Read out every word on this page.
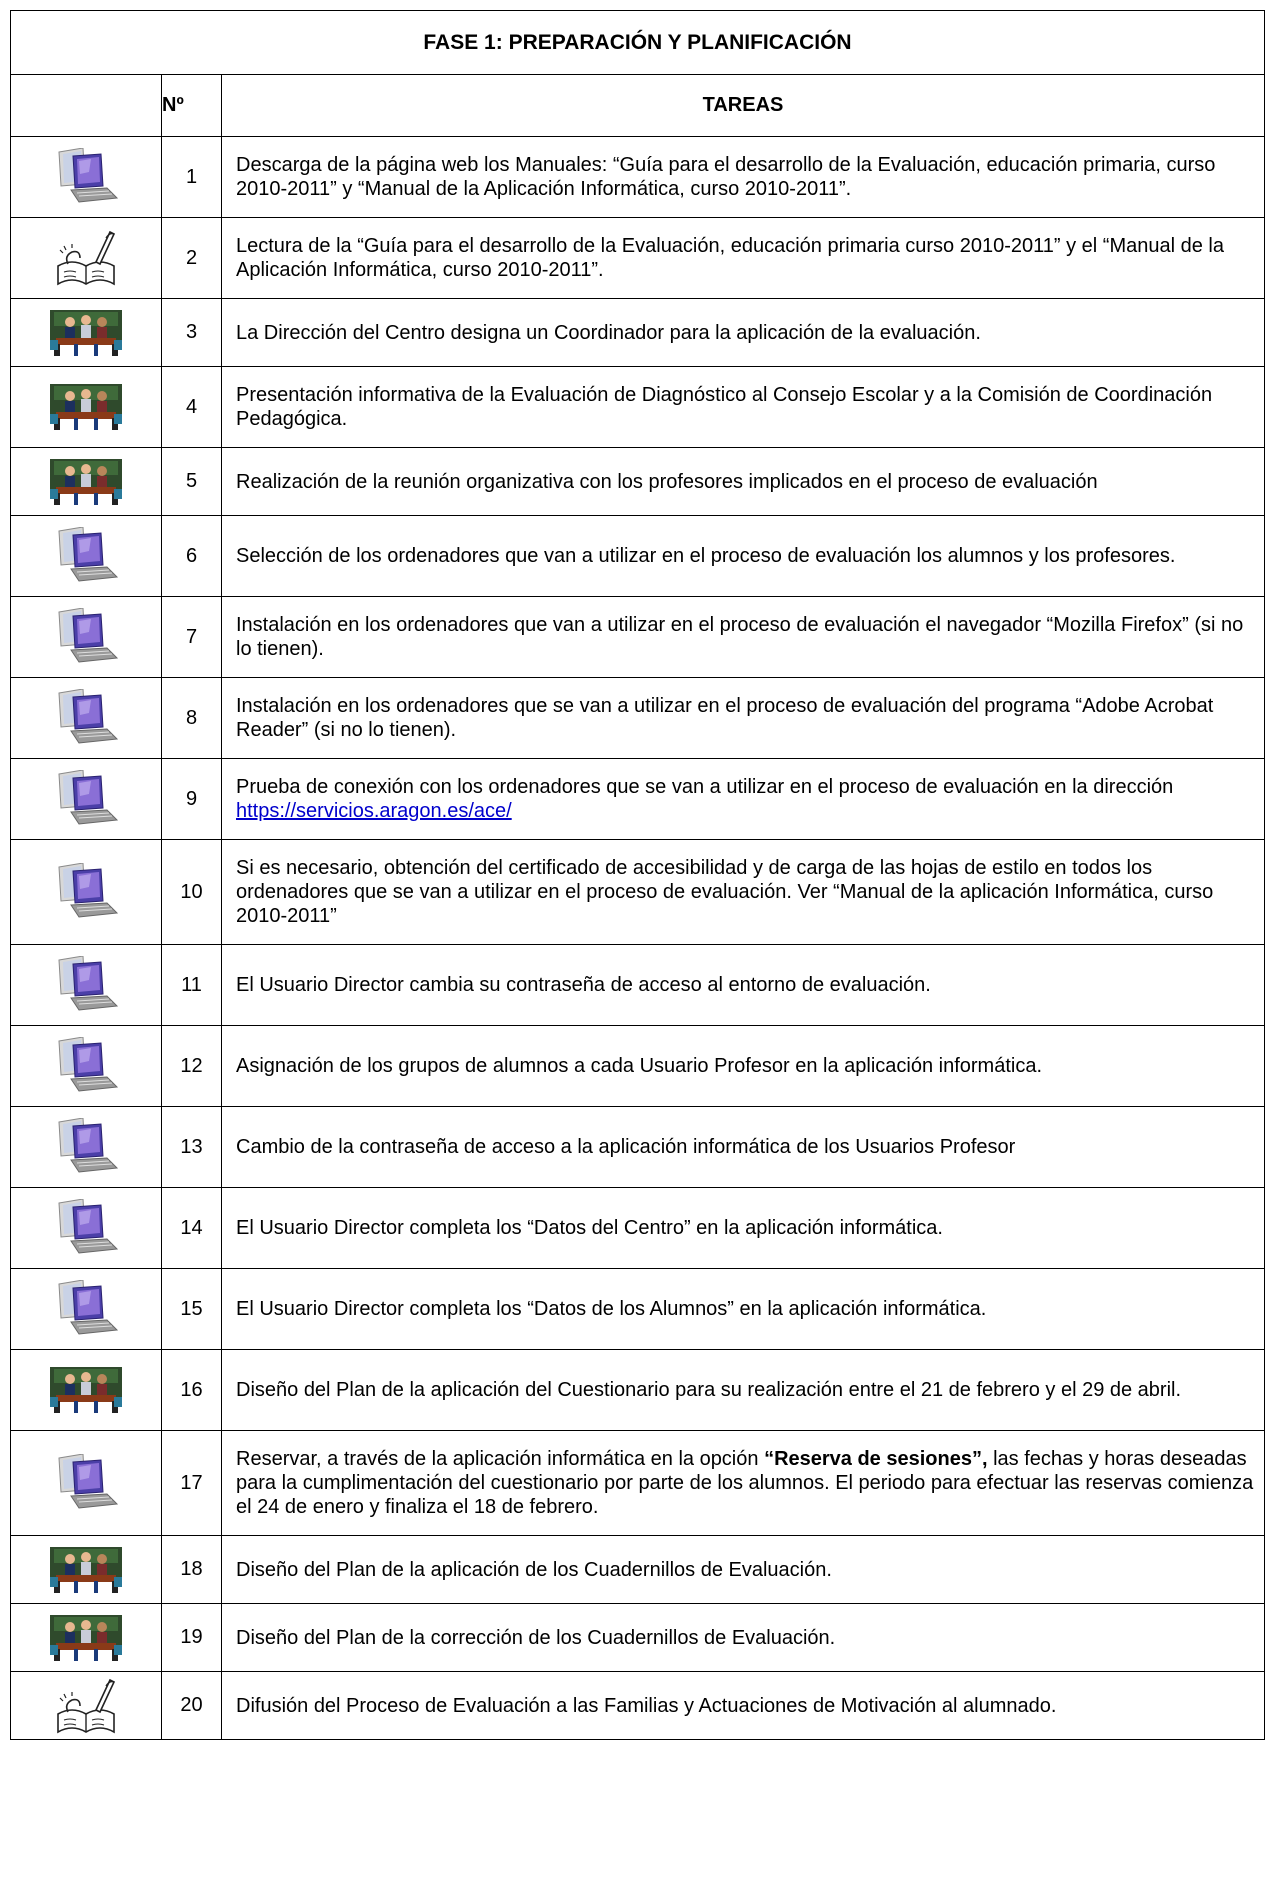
FASE 1: PREPARACIÓN Y PLANIFICACIÓN		
	Nº	TAREAS
	1	Descarga de la página web los Manuales: “Guía para el desarrollo de la Evaluación, educación primaria, curso 2010-2011” y “Manual de la Aplicación Informática, curso 2010-2011”.
	2	Lectura de la “Guía para el desarrollo de la Evaluación, educación primaria curso 2010-2011” y el “Manual de la Aplicación Informática, curso 2010-2011”.
	3	La Dirección del Centro designa un Coordinador para la aplicación de la evaluación.
	4	Presentación informativa de la Evaluación de Diagnóstico al Consejo Escolar y a la Comisión de Coordinación Pedagógica.
	5	Realización de la reunión organizativa con los profesores implicados en el proceso de evaluación
	6	Selección de los ordenadores que van a utilizar en el proceso de evaluación los alumnos y los profesores.
	7	Instalación en los ordenadores que van a utilizar en el proceso de evaluación el navegador “Mozilla Firefox” (si no lo tienen).
	8	Instalación en los ordenadores que se van a utilizar en el proceso de evaluación del programa “Adobe Acrobat Reader” (si no lo tienen).
	9	Prueba de conexión con los ordenadores que se van a utilizar en el proceso de evaluación en la dirección https://servicios.aragon.es/ace/
	10	Si es necesario, obtención del certificado de accesibilidad y de carga de las hojas de estilo en todos los ordenadores que se van a utilizar en el proceso de evaluación. Ver “Manual de la aplicación Informática, curso 2010-2011”
	11	El Usuario Director cambia su contraseña de acceso al entorno de evaluación.
	12	Asignación de los grupos de alumnos a cada Usuario Profesor en la aplicación informática.
	13	Cambio de la contraseña de acceso a la aplicación informática de los Usuarios Profesor
	14	El Usuario Director completa los “Datos del Centro” en la aplicación informática.
	15	El Usuario Director completa los “Datos de los Alumnos” en la aplicación informática.
	16	Diseño del Plan de la aplicación del Cuestionario para su realización entre el 21 de febrero y el 29 de abril.
	17	Reservar, a través de la aplicación informática en la opción “Reserva de sesiones”, las fechas y horas deseadas para la cumplimentación del cuestionario por parte de los alumnos. El periodo para efectuar las reservas comienza el 24 de enero y finaliza el 18 de febrero.
	18	Diseño del Plan de la aplicación de los Cuadernillos de Evaluación.
	19	Diseño del Plan de la corrección de los Cuadernillos de Evaluación.
	20	Difusión del Proceso de Evaluación a las Familias y Actuaciones de Motivación al alumnado.
